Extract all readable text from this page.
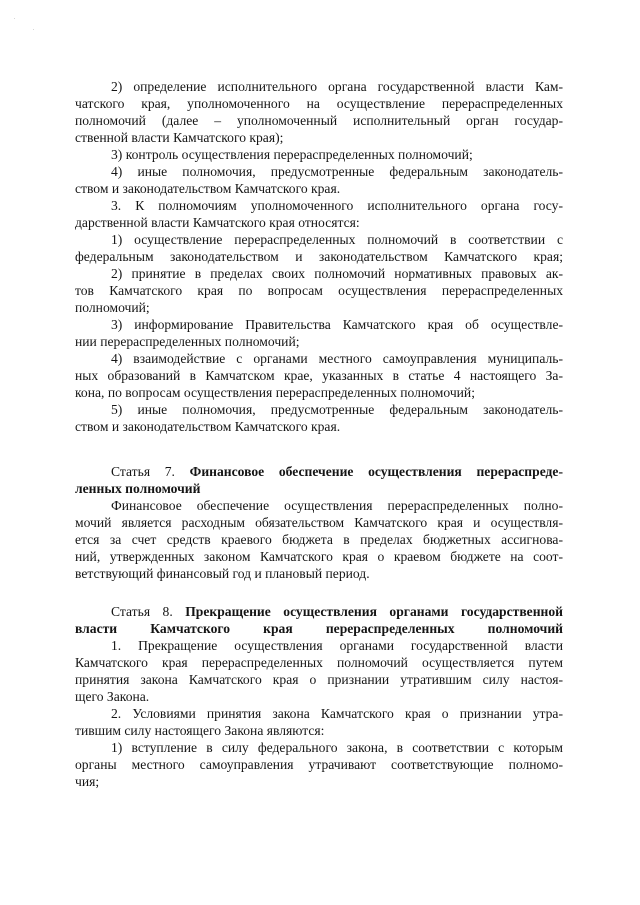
2) определение исполнительного органа государственной власти Кам-
чатского края, уполномоченного на осуществление перераспределенных
полномочий (далее – уполномоченный исполнительный орган государ-
ственной власти Камчатского края);
3) контроль осуществления перераспределенных полномочий;
4) иные полномочия, предусмотренные федеральным законодатель-
ством и законодательством Камчатского края.
3. К полномочиям уполномоченного исполнительного органа госу-
дарственной власти Камчатского края относятся:
1) осуществление перераспределенных полномочий в соответствии с
федеральным законодательством и законодательством Камчатского края;
2) принятие в пределах своих полномочий нормативных правовых ак-
тов Камчатского края по вопросам осуществления перераспределенных
полномочий;
3) информирование Правительства Камчатского края об осуществле-
нии перераспределенных полномочий;
4) взаимодействие с органами местного самоуправления муниципаль-
ных образований в Камчатском крае, указанных в статье 4 настоящего За-
кона, по вопросам осуществления перераспределенных полномочий;
5) иные полномочия, предусмотренные федеральным законодатель-
ством и законодательством Камчатского края.
Статья 7. Финансовое обеспечение осуществления перераспреде-
ленных полномочий
Финансовое обеспечение осуществления перераспределенных полно-
мочий является расходным обязательством Камчатского края и осуществля-
ется за счет средств краевого бюджета в пределах бюджетных ассигнова-
ний, утвержденных законом Камчатского края о краевом бюджете на соот-
ветствующий финансовый год и плановый период.
Статья 8. Прекращение осуществления органами государственной
власти Камчатского края перераспределенных полномочий
1. Прекращение осуществления органами государственной власти
Камчатского края перераспределенных полномочий осуществляется путем
принятия закона Камчатского края о признании утратившим силу настоя-
щего Закона.
2. Условиями принятия закона Камчатского края о признании утра-
тившим силу настоящего Закона являются:
1) вступление в силу федерального закона, в соответствии с которым
органы местного самоуправления утрачивают соответствующие полномо-
чия;
